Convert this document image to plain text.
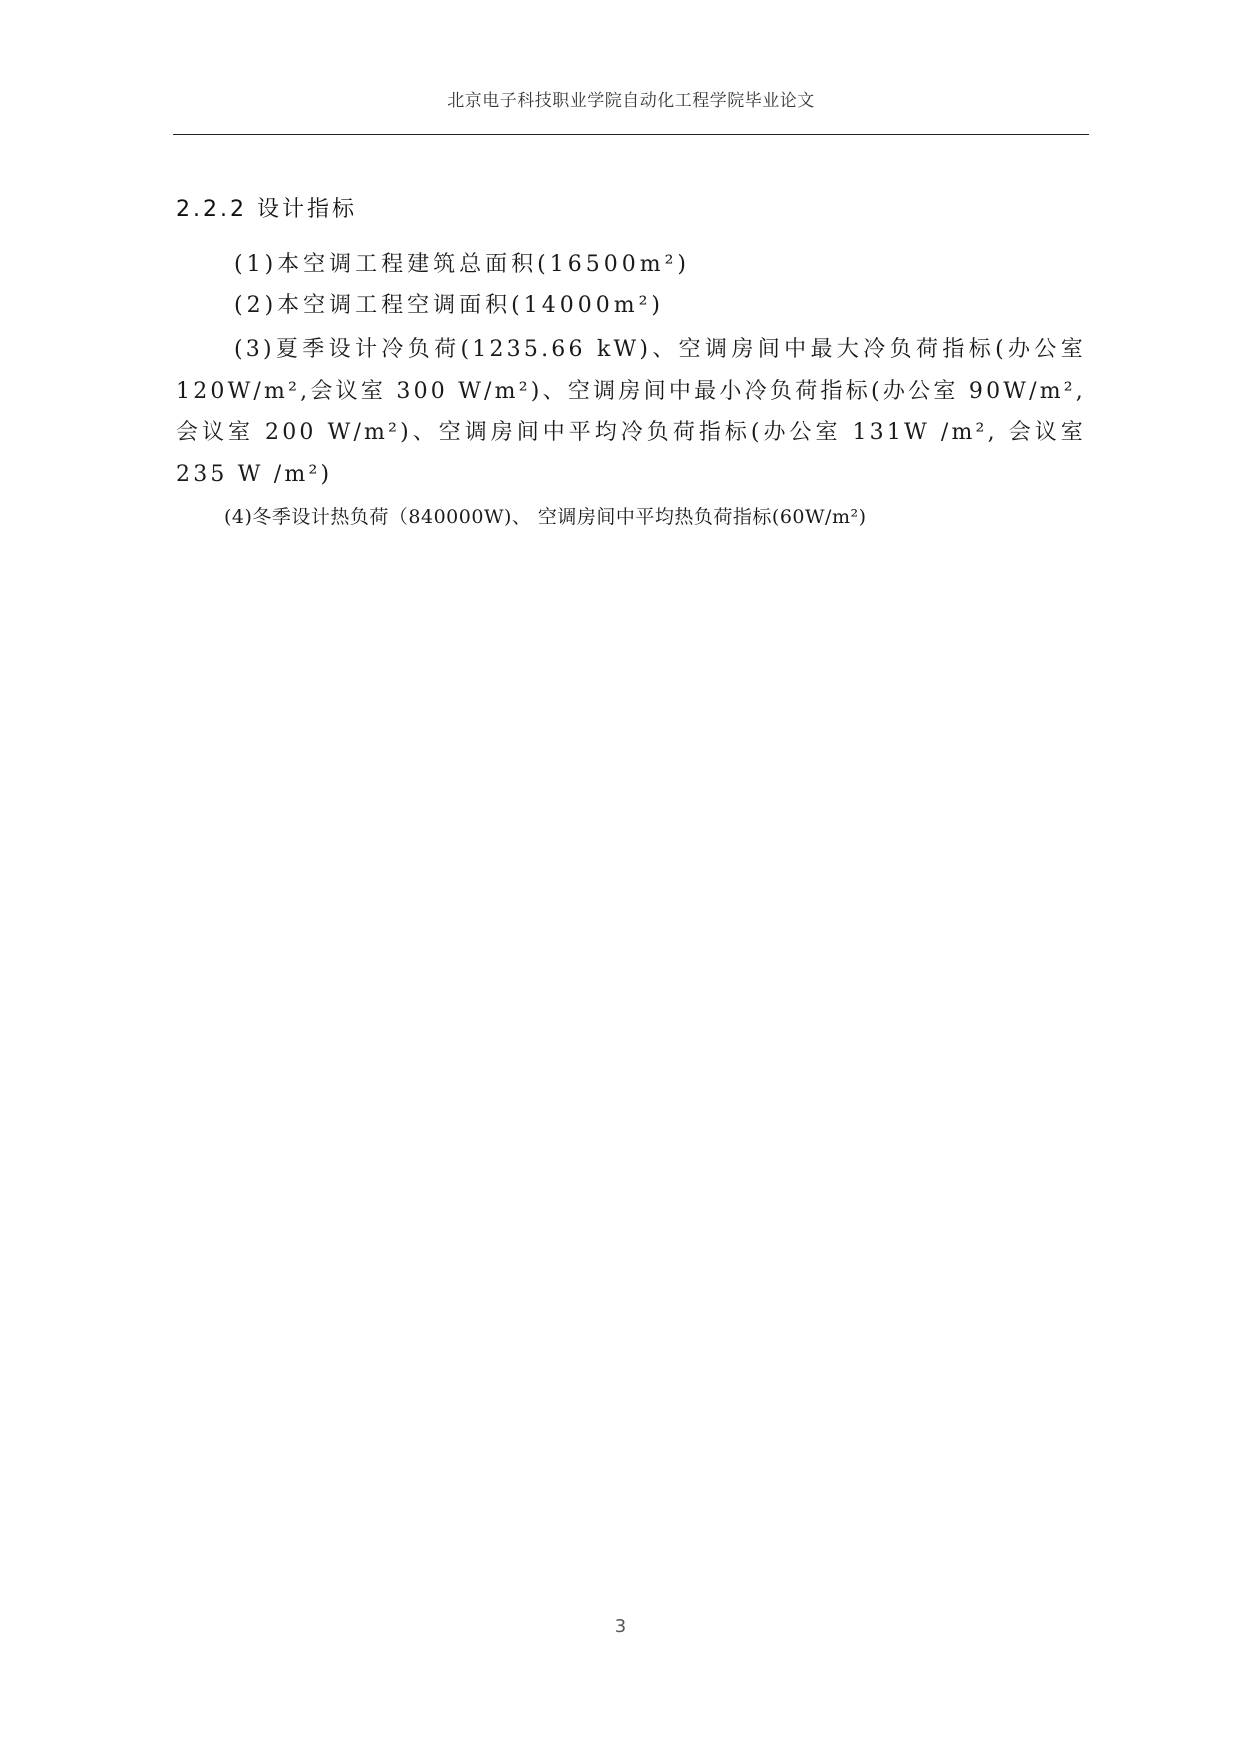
北京电子科技职业学院自动化工程学院毕业论文
2.2.2 设计指标
(1)本空调工程建筑总面积(16500m²)
(2)本空调工程空调面积(14000m²)
(3)夏季设计冷负荷(1235.66 kW)、空调房间中最大冷负荷指标(办公室 120W/m²,会议室 300 W/m²)、空调房间中最小冷负荷指标(办公室 90W/m²,会议室 200 W/m²)、空调房间中平均冷负荷指标(办公室 131W /m², 会议室 235 W /m²)
(4)冬季设计热负荷（840000W)、 空调房间中平均热负荷指标(60W/m²)
3
